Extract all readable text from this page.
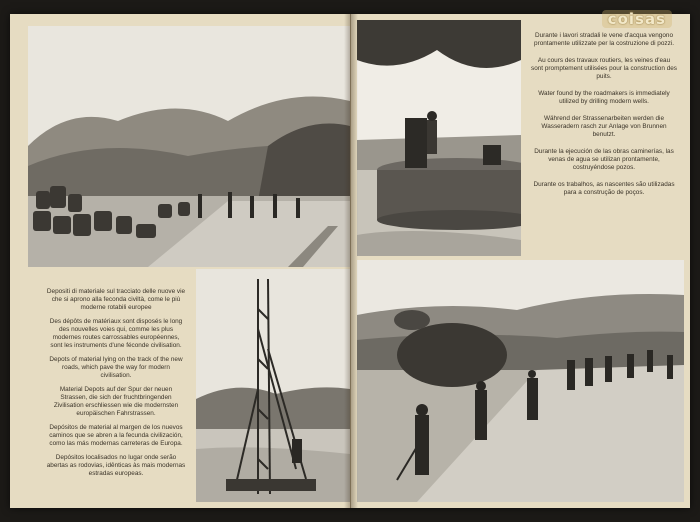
Depositi di materiale sul tracciato delle nuove vie che si aprono alla feconda civiltà, come le più moderne rotabili europee

Des dépôts de matériaux sont disposés le long des nouvelles voies qui, comme les plus modernes routes carrossables européennes, sont les instruments d'une féconde civilisation.

Depots of material lying on the track of the new roads, which pave the way for modern civilisation.

Material Depots auf der Spur der neuen Strassen, die sich der fruchtbringenden Zivilisation erschliessen wie die modernsten europäischen Fahrstrassen.

Depósitos de material al margen de los nuevos caminos que se abren a la fecunda civilización, como las más modernas carreteras de Europa.

Depósitos localisados no lugar onde serão abertas as rodovias, idênticas às mais modernas estradas europeas.

Durante i lavori stradali le vene d'acqua vengono prontamente utilizzate per la costruzione di pozzi.

Au cours des travaux routiers, les veines d'eau sont promptement utilisées pour la construction des puits.

Water found by the roadmakers is immediately utilized by drilling modern wells.

Während der Strassenarbeiten werden die Wasseradern rasch zur Anlage von Brunnen benutzt.

Durante la ejecución de las obras caminerías, las venas de agua se utilizan prontamente, costruyéndose pozos.

Durante os trabalhos, as nascentes são utilizadas para a construção de poços.

coisas
